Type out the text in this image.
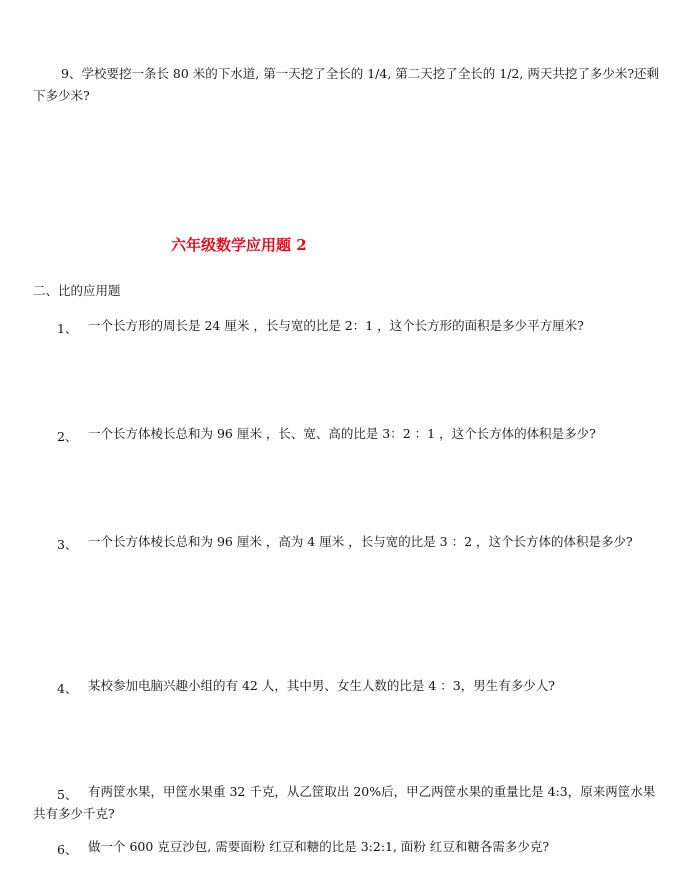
9、学校要挖一条长 80 米的下水道, 第一天挖了全长的 1/4, 第二天挖了全长的 1/2, 两天共挖了多少米?还剩
下多少米?
六年级数学应用题 2
二、比的应用题
1、 一个长方形的周长是 24 厘米 ，长与宽的比是 2：1 ，这个长方形的面积是多少平方厘米?
2、 一个长方体棱长总和为 96 厘米 ，长、宽、高的比是 3：2 ：1 ，这个长方体的体积是多少?
3、 一个长方体棱长总和为 96 厘米 ，高为 4 厘米 ，长与宽的比是 3 ：2 ，这个长方体的体积是多少?
4、 某校参加电脑兴趣小组的有 42 人，其中男、女生人数的比是 4 ：3，男生有多少人?
5、 有两筐水果，甲筐水果重 32 千克，从乙筐取出 20%后，甲乙两筐水果的重量比是 4:3，原来两筐水果
共有多少千克?
6、 做一个 600 克豆沙包, 需要面粉 红豆和糖的比是 3:2:1, 面粉 红豆和糖各需多少克?
